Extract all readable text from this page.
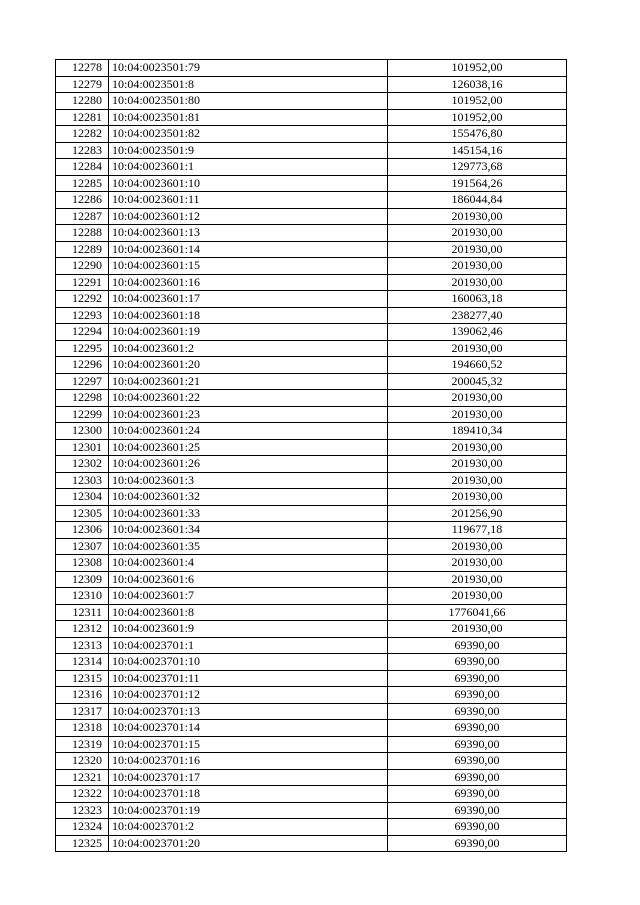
12278	10:04:0023501:79	101952,00
12279	10:04:0023501:8	126038,16
12280	10:04:0023501:80	101952,00
12281	10:04:0023501:81	101952,00
12282	10:04:0023501:82	155476,80
12283	10:04:0023501:9	145154,16
12284	10:04:0023601:1	129773,68
12285	10:04:0023601:10	191564,26
12286	10:04:0023601:11	186044,84
12287	10:04:0023601:12	201930,00
12288	10:04:0023601:13	201930,00
12289	10:04:0023601:14	201930,00
12290	10:04:0023601:15	201930,00
12291	10:04:0023601:16	201930,00
12292	10:04:0023601:17	160063,18
12293	10:04:0023601:18	238277,40
12294	10:04:0023601:19	139062,46
12295	10:04:0023601:2	201930,00
12296	10:04:0023601:20	194660,52
12297	10:04:0023601:21	200045,32
12298	10:04:0023601:22	201930,00
12299	10:04:0023601:23	201930,00
12300	10:04:0023601:24	189410,34
12301	10:04:0023601:25	201930,00
12302	10:04:0023601:26	201930,00
12303	10:04:0023601:3	201930,00
12304	10:04:0023601:32	201930,00
12305	10:04:0023601:33	201256,90
12306	10:04:0023601:34	119677,18
12307	10:04:0023601:35	201930,00
12308	10:04:0023601:4	201930,00
12309	10:04:0023601:6	201930,00
12310	10:04:0023601:7	201930,00
12311	10:04:0023601:8	1776041,66
12312	10:04:0023601:9	201930,00
12313	10:04:0023701:1	69390,00
12314	10:04:0023701:10	69390,00
12315	10:04:0023701:11	69390,00
12316	10:04:0023701:12	69390,00
12317	10:04:0023701:13	69390,00
12318	10:04:0023701:14	69390,00
12319	10:04:0023701:15	69390,00
12320	10:04:0023701:16	69390,00
12321	10:04:0023701:17	69390,00
12322	10:04:0023701:18	69390,00
12323	10:04:0023701:19	69390,00
12324	10:04:0023701:2	69390,00
12325	10:04:0023701:20	69390,00
